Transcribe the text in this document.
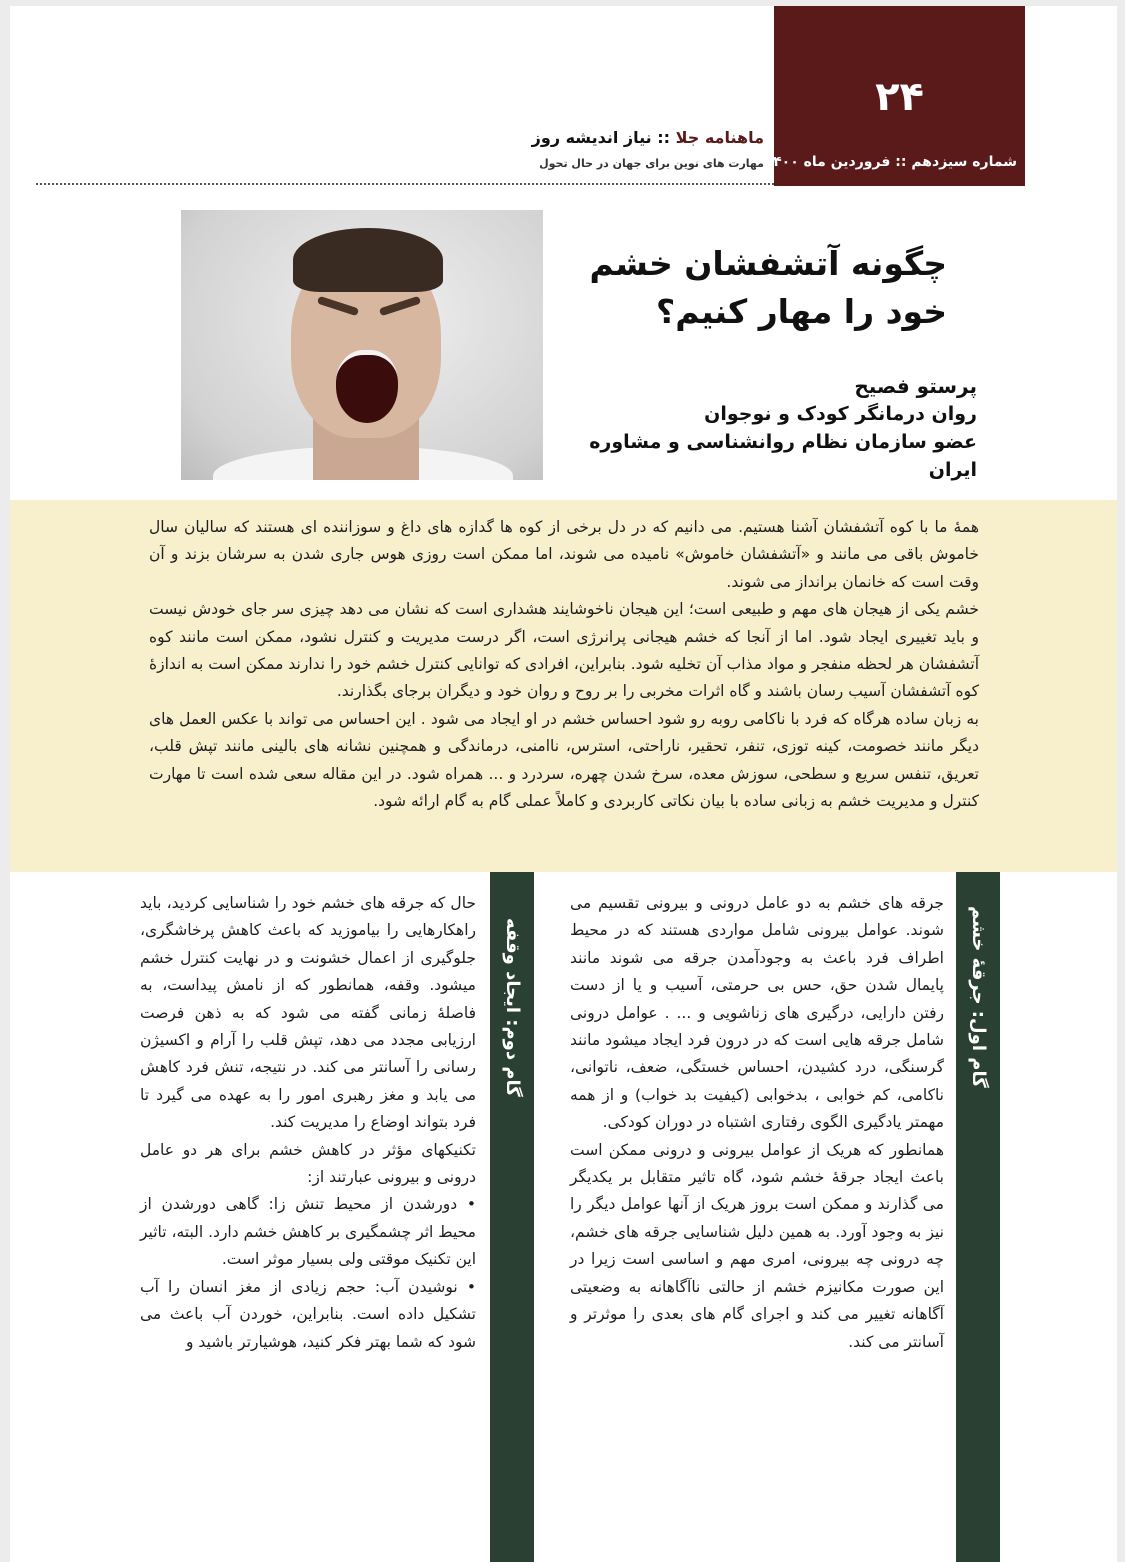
۲۴
شماره سیزدهم :: فروردین ماه ۱۴۰۰
ماهنامه جلا :: نیاز اندیشه روز
مهارت های نوین برای جهان در حال تحول
چگونه آتشفشان خشم
خود را مهار کنیم؟
پرستو فصیح
روان درمانگر کودک و نوجوان
عضو سازمان نظام روانشناسی و مشاوره ایران

همهٔ ما با کوه آتشفشان آشنا هستیم. می دانیم که در دل برخی از کوه ها گدازه های داغ و سوزاننده ای هستند که سالیان سال خاموش باقی می مانند و «آتشفشان خاموش» نامیده می شوند، اما ممکن است روزی هوس جاری شدن به سرشان بزند و آن وقت است که خانمان برانداز می شوند.

خشم یکی از هیجان های مهم و طبیعی است؛ این هیجان ناخوشایند هشداری است که نشان می دهد چیزی سر جای خودش نیست و باید تغییری ایجاد شود. اما از آنجا که خشم هیجانی پرانرژی است، اگر درست مدیریت و کنترل نشود، ممکن است مانند کوه آتشفشان هر لحظه منفجر و مواد مذاب آن تخلیه شود. بنابراین، افرادی که توانایی کنترل خشم خود را ندارند ممکن است به اندازهٔ کوه آتشفشان آسیب رسان باشند و گاه اثرات مخربی را بر روح و روان خود و دیگران برجای بگذارند.

به زبان ساده هرگاه که فرد با ناکامی روبه رو شود احساس خشم در او ایجاد می شود . این احساس می تواند با عکس العمل های دیگر مانند خصومت، کینه توزی، تنفر، تحقیر، ناراحتی، استرس، ناامنی، درماندگی و همچنین نشانه های بالینی مانند تپش قلب، تعریق، تنفس سریع و سطحی، سوزش معده، سرخ شدن چهره، سردرد و ... همراه شود. در این مقاله سعی شده است تا مهارت کنترل و مدیریت خشم به زبانی ساده با بیان نکاتی کاربردی و کاملاً عملی گام به گام ارائه شود.

گام اول: جرقهٔ خشم

جرقه های خشم به دو عامل درونی و بیرونی تقسیم می شوند. عوامل بیرونی شامل مواردی هستند که در محیط اطراف فرد باعث به وجودآمدن جرقه می شوند مانند پایمال شدن حق، حس بی حرمتی، آسیب و یا از دست رفتن دارایی، درگیری های زناشویی و ... . عوامل درونی شامل جرقه هایی است که در درون فرد ایجاد میشود مانند گرسنگی، درد کشیدن، احساس خستگی، ضعف، ناتوانی، ناکامی، کم خوابی ، بدخوابی (کیفیت بد خواب) و از همه مهمتر یادگیری الگوی رفتاری اشتباه در دوران کودکی.

همانطور که هریک از عوامل بیرونی و درونی ممکن است باعث ایجاد جرقهٔ خشم شود، گاه تاثیر متقابل بر یکدیگر می گذارند و ممکن است بروز هریک از آنها عوامل دیگر را نیز به وجود آورد. به همین دلیل شناسایی جرقه های خشم، چه درونی چه بیرونی، امری مهم و اساسی است زیرا در این صورت مکانیزم خشم از حالتی ناآگاهانه به وضعیتی آگاهانه تغییر می کند و اجرای گام های بعدی را موثرتر و آسانتر می کند.

گام دوم: ایجاد وقفه

حال که جرقه های خشم خود را شناسایی کردید، باید راهکارهایی را بیاموزید که باعث کاهش پرخاشگری، جلوگیری از اعمال خشونت و در نهایت کنترل خشم میشود. وقفه، همانطور که از نامش پیداست، به فاصلهٔ زمانی گفته می شود که به ذهن فرصت ارزیابی مجدد می دهد، تپش قلب را آرام و اکسیژن رسانی را آسانتر می کند. در نتیجه، تنش فرد کاهش می یابد و مغز رهبری امور را به عهده می گیرد تا فرد بتواند اوضاع را مدیریت کند.

تکنیکهای مؤثر در کاهش خشم برای هر دو عامل درونی و بیرونی عبارتند از:

• دورشدن از محیط تنش زا: گاهی دورشدن از محیط اثر چشمگیری بر کاهش خشم دارد. البته، تاثیر این تکنیک موقتی ولی بسیار موثر است.

• نوشیدن آب: حجم زیادی از مغز انسان را آب تشکیل داده است. بنابراین، خوردن آب باعث می شود که شما بهتر فکر کنید، هوشیارتر باشید و
